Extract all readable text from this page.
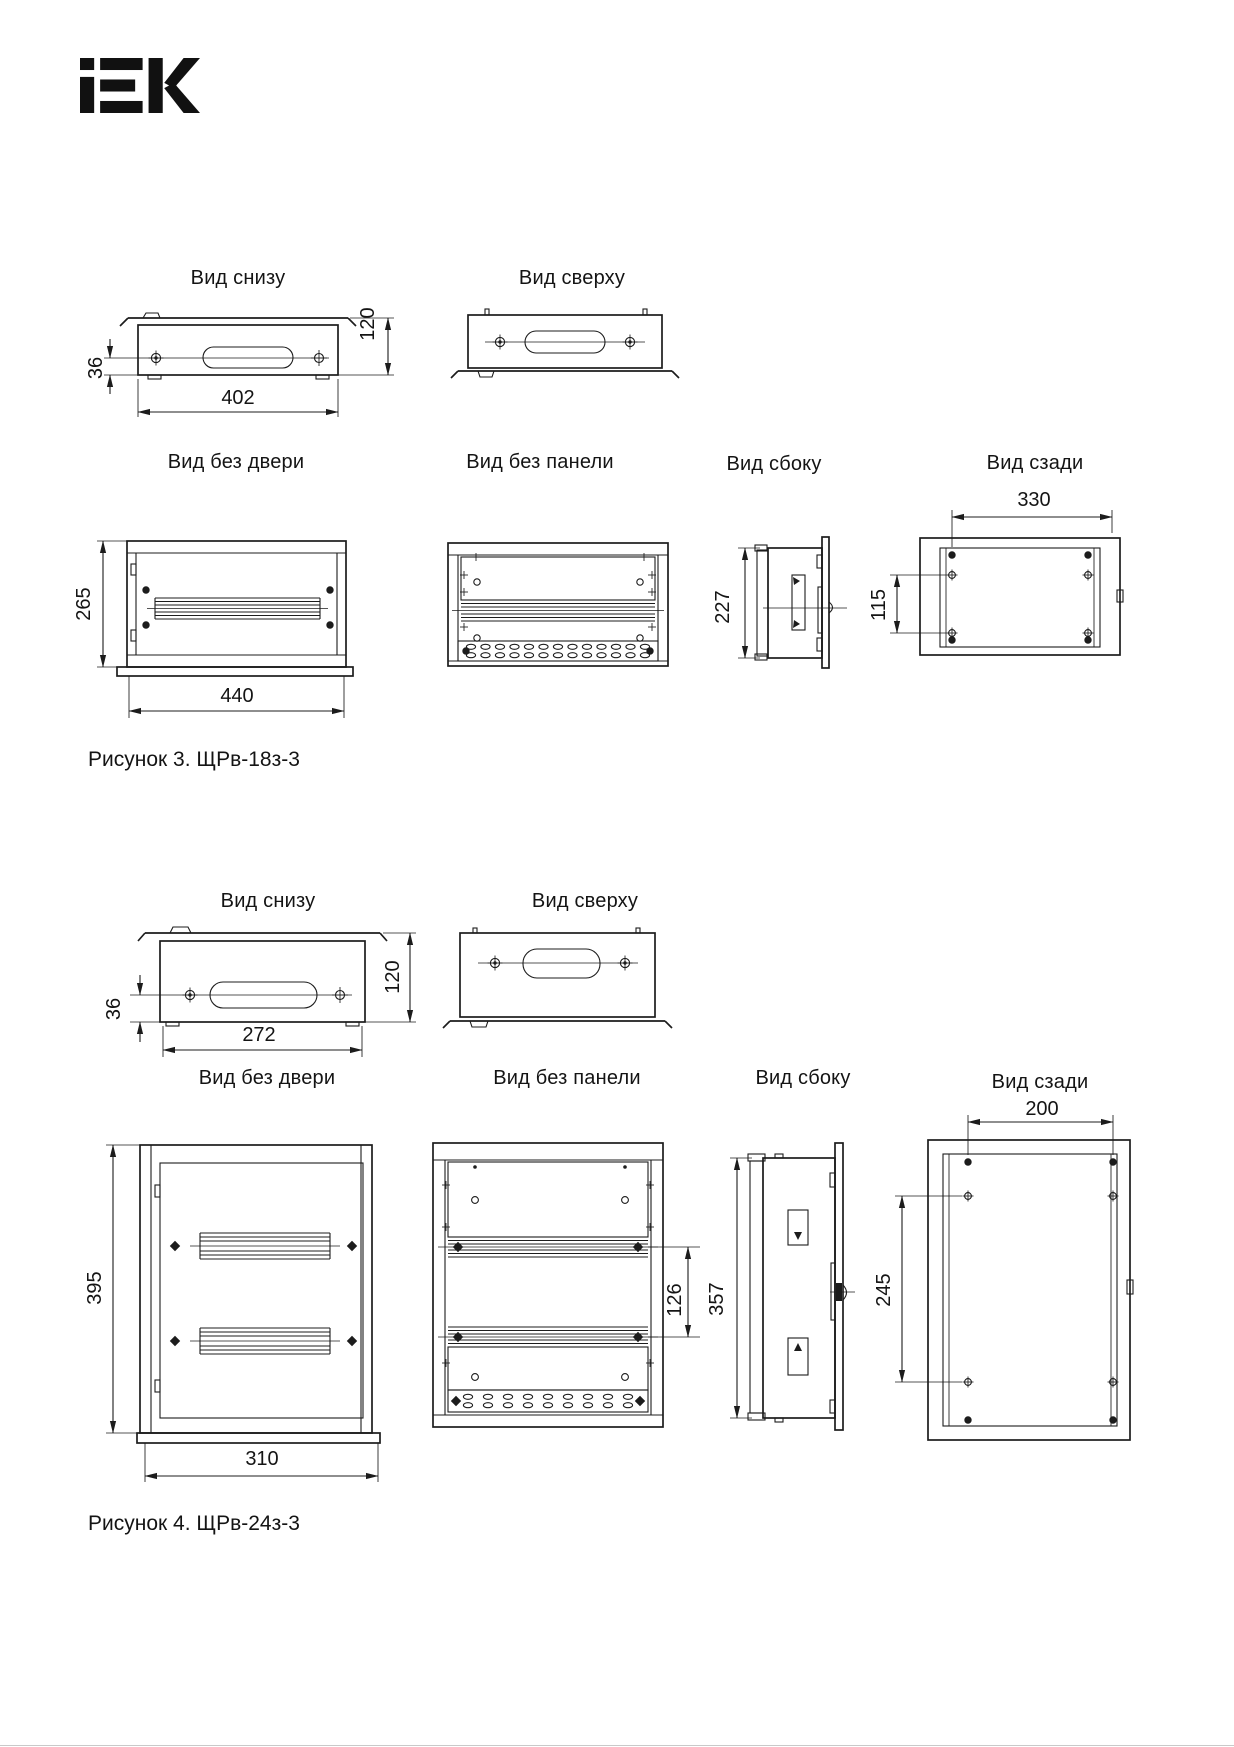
Вид снизу	Вид сверху
36
402
120
Вид без двери	Вид без панели	Вид сбоку	Вид сзади
265
440
227
330
115
Рисунок 3. ЩРв-18з-3
Вид снизу	Вид сверху
36
272
120
Вид без двери	Вид без панели	Вид сбоку	Вид сзади
395
310
126 357
200
245
Рисунок 4. ЩРв-24з-3
